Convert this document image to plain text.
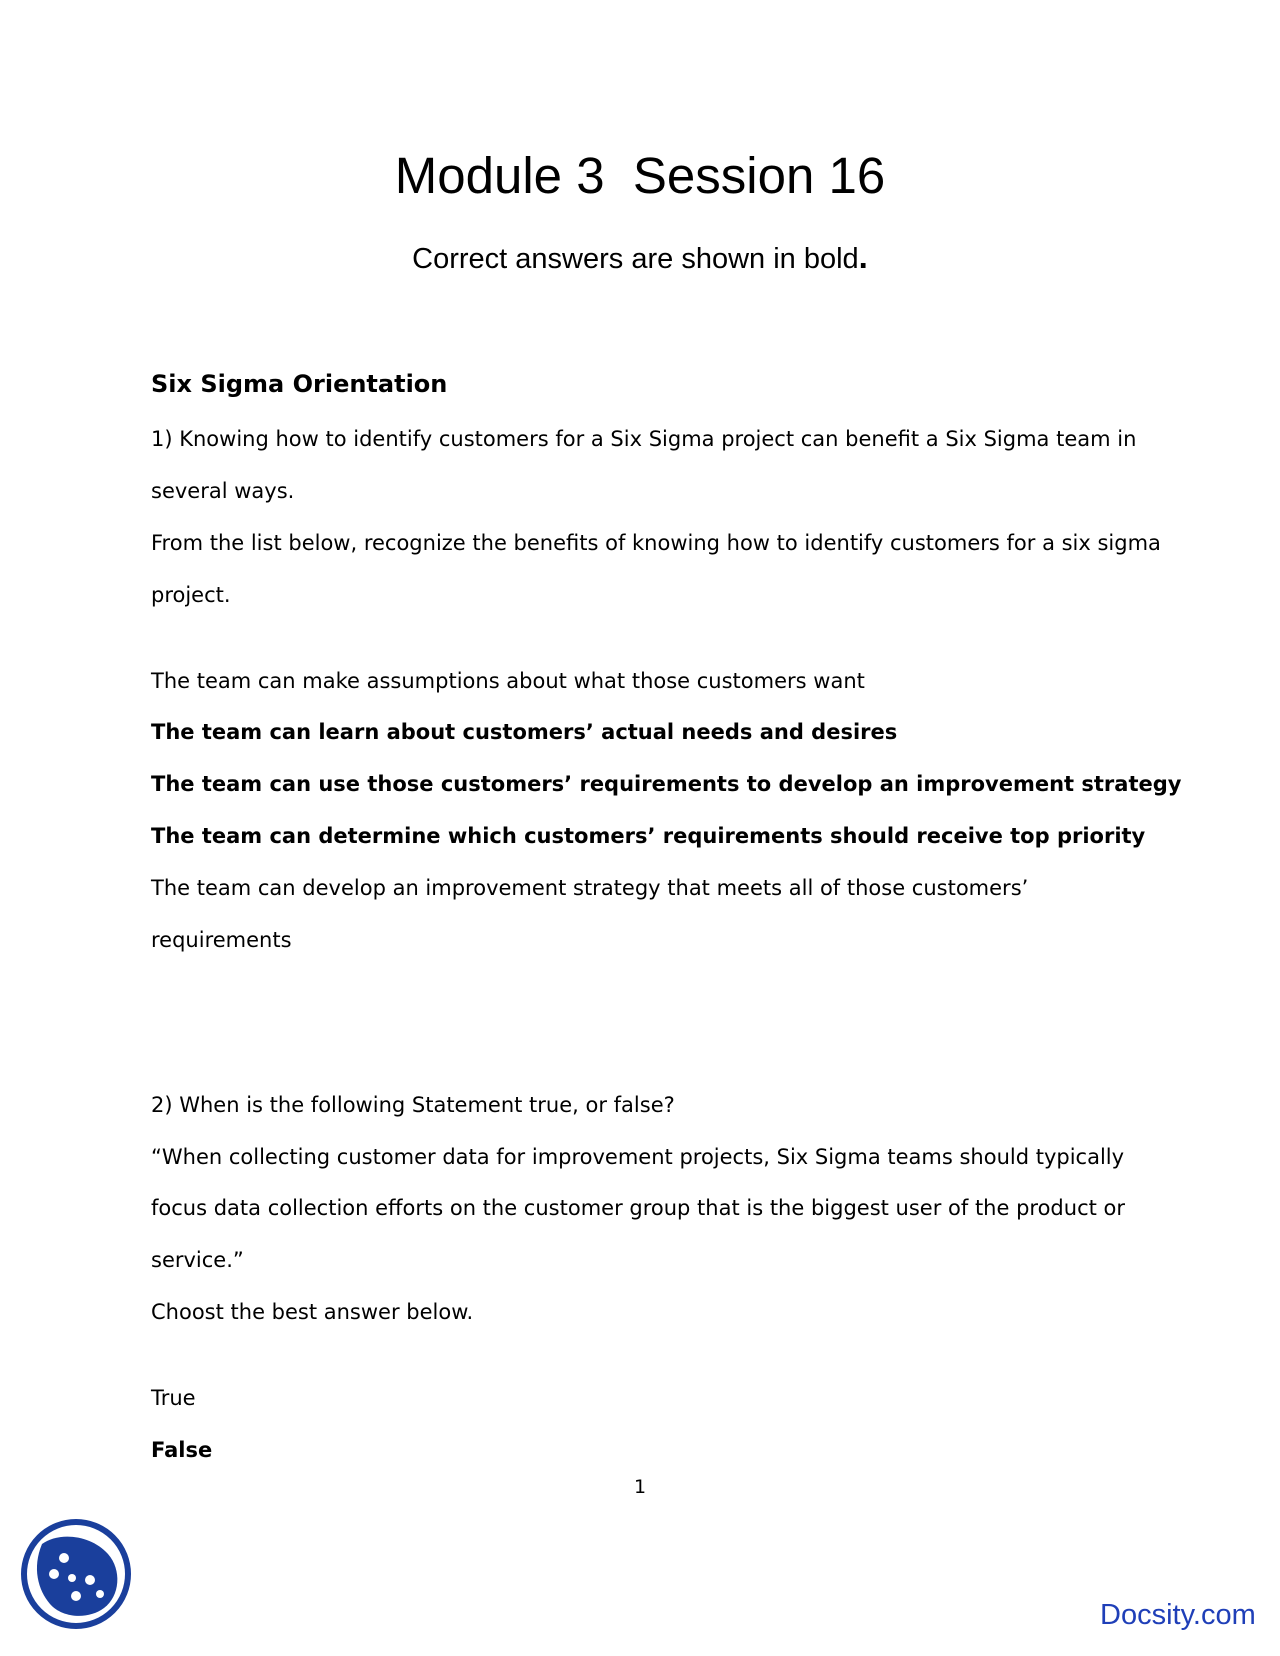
Module 3  Session 16
Correct answers are shown in bold.
Six Sigma Orientation
1) Knowing how to identify customers for a Six Sigma project can benefit a Six Sigma team in
several ways.
From the list below, recognize the benefits of knowing how to identify customers for a six sigma
project.
The team can make assumptions about what those customers want
The team can learn about customers’ actual needs and desires
The team can use those customers’ requirements to develop an improvement strategy
The team can determine which customers’ requirements should receive top priority
The team can develop an improvement strategy that meets all of those customers’
requirements
2) When is the following Statement true, or false?
“When collecting customer data for improvement projects, Six Sigma teams should typically
focus data collection efforts on the customer group that is the biggest user of the product or
service.”
Choost the best answer below.
True
False
1
Docsity.com
